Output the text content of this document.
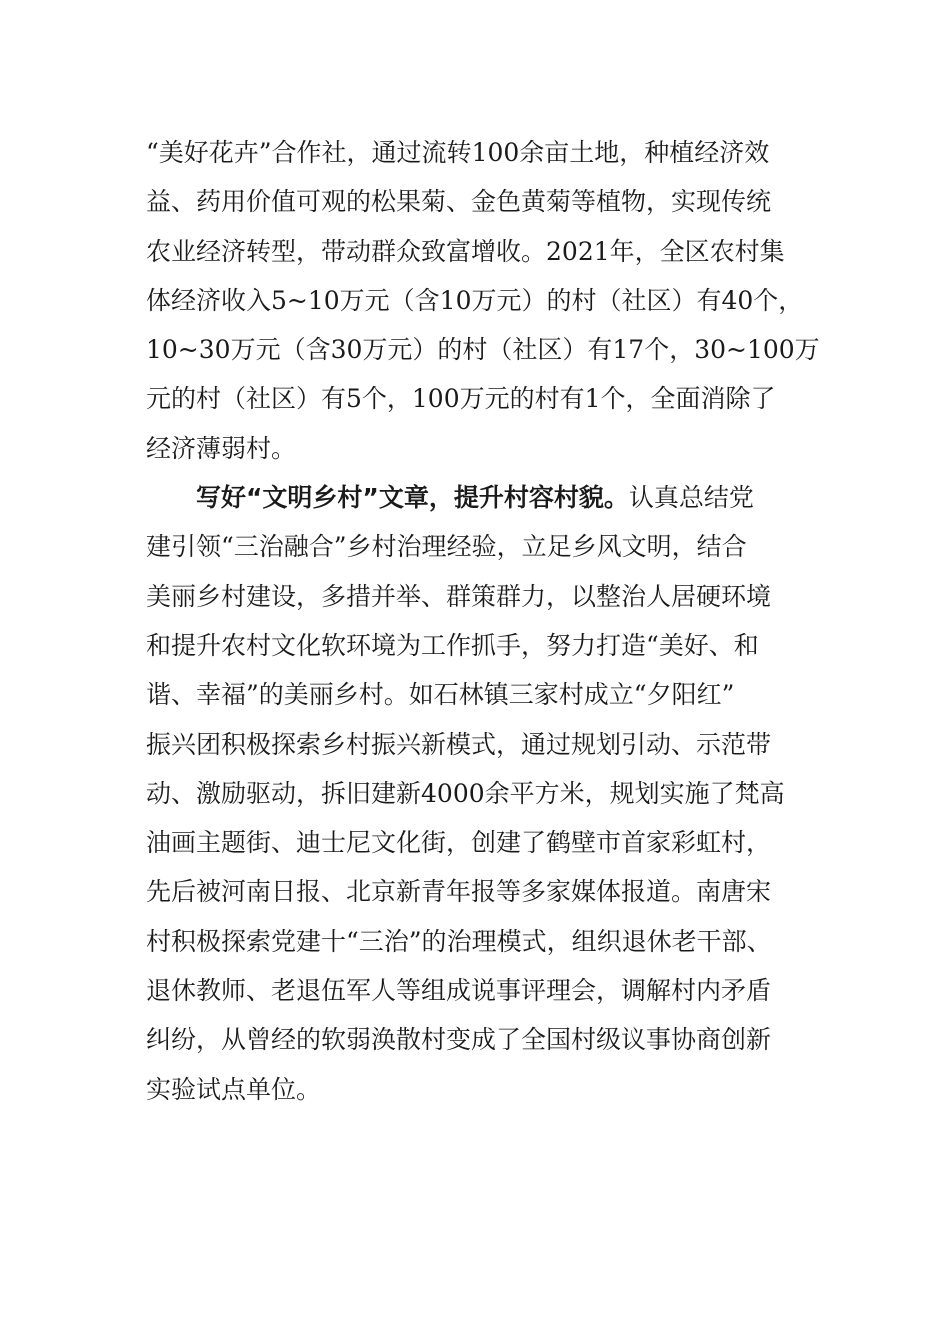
“美好花卉”合作社，通过流转100余亩土地，种植经济效
益、药用价值可观的松果菊、金色黄菊等植物，实现传统
农业经济转型，带动群众致富增收。2021年，全区农村集
体经济收入5~10万元（含10万元）的村（社区）有40个，
10~30万元（含30万元）的村（社区）有17个，30~100万
元的村（社区）有5个，100万元的村有1个，全面消除了
经济薄弱村。
写好“文明乡村”文章，提升村容村貌。认真总结党
建引领“三治融合”乡村治理经验，立足乡风文明，结合
美丽乡村建设，多措并举、群策群力，以整治人居硬环境
和提升农村文化软环境为工作抓手，努力打造“美好、和
谐、幸福”的美丽乡村。如石林镇三家村成立“夕阳红”
振兴团积极探索乡村振兴新模式，通过规划引动、示范带
动、激励驱动，拆旧建新4000余平方米，规划实施了梵高
油画主题街、迪士尼文化街，创建了鹤壁市首家彩虹村，
先后被河南日报、北京新青年报等多家媒体报道。南唐宋
村积极探索党建十“三治”的治理模式，组织退休老干部、
退休教师、老退伍军人等组成说事评理会，调解村内矛盾
纠纷，从曾经的软弱涣散村变成了全国村级议事协商创新
实验试点单位。
